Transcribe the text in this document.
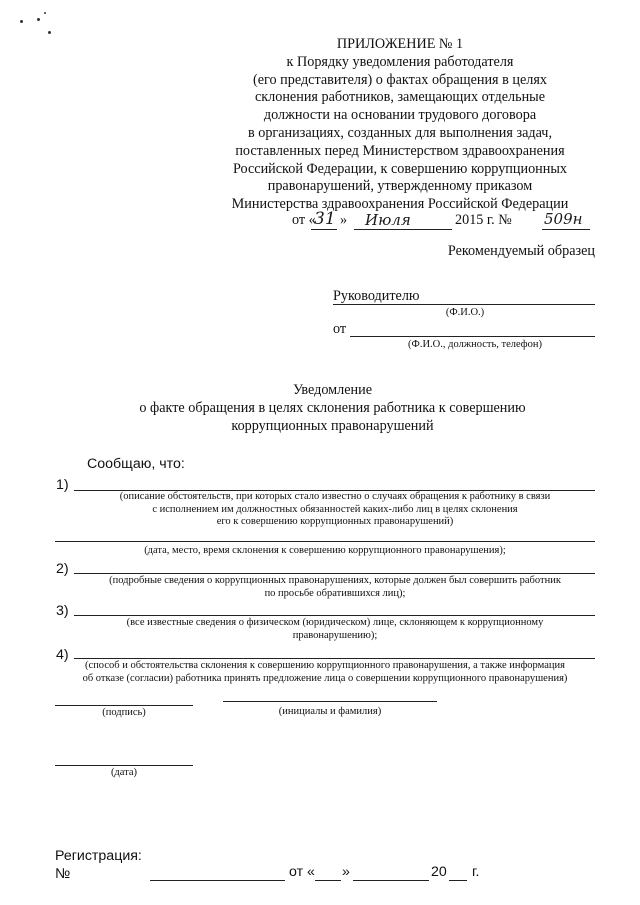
ПРИЛОЖЕНИЕ № 1
к Порядку уведомления работодателя
(его представителя) о фактах обращения в целях
склонения работников, замещающих отдельные
должности на основании трудового договора
в организациях, созданных для выполнения задач,
поставленных перед Министерством здравоохранения
Российской Федерации, к совершению коррупционных
правонарушений, утвержденному приказом
Министерства здравоохранения Российской Федерации
от «
31 » Июля	2015 г. № 509н
Рекомендуемый образец
Руководителю
(Ф.И.О.)
от
(Ф.И.О., должность, телефон)
Уведомление
о факте обращения в целях склонения работника к совершению
коррупционных правонарушений
Сообщаю, что:
1)
(описание обстоятельств, при которых стало известно о случаях обращения к работнику в связи
с исполнением им должностных обязанностей каких-либо лиц в целях склонения
его к совершению коррупционных правонарушений)
(дата, место, время склонения к совершению коррупционного правонарушения);
2)
(подробные сведения о коррупционных правонарушениях, которые должен был совершить работник
по просьбе обратившихся лиц);
3)
(все известные сведения о физическом (юридическом) лице, склоняющем к коррупционному
правонарушению);
4)
(способ и обстоятельства склонения к совершению коррупционного правонарушения, а также информация
об отказе (согласии) работника принять предложение лица о совершении коррупционного правонарушения)
(подпись)	(инициалы и фамилия)
(дата)
Регистрация:
№	от « »	20 г.
